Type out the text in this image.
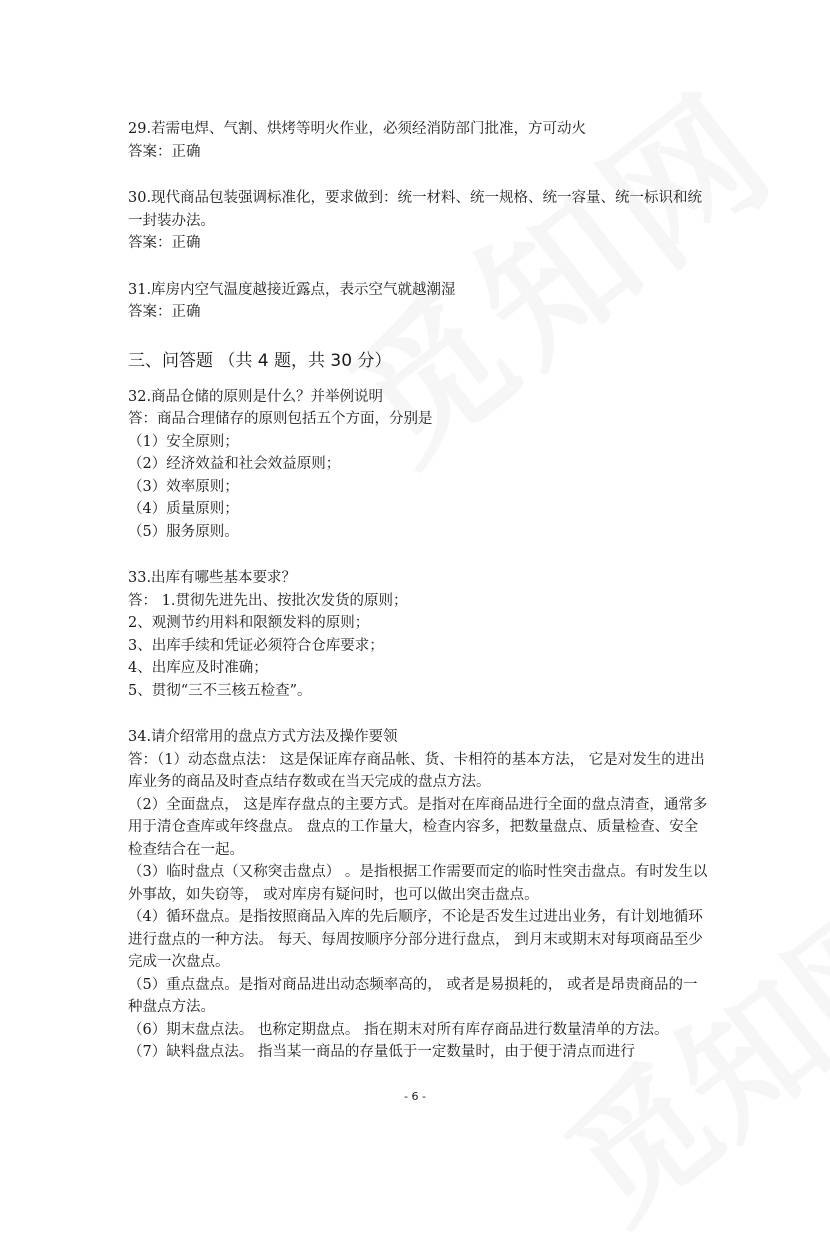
29.若需电焊、气割、烘烤等明火作业，必须经消防部门批准，方可动火

答案：正确

30.现代商品包装强调标准化，要求做到：统一材料、统一规格、统一容量、统一标识和统一封装办法。

答案：正确

31.库房内空气温度越接近露点，表示空气就越潮湿

答案：正确

三、问答题 （共 4 题，共 30 分）

32.商品仓储的原则是什么？并举例说明

答：商品合理储存的原则包括五个方面，分别是

（1）安全原则；

（2）经济效益和社会效益原则；

（3）效率原则；

（4）质量原则；

（5）服务原则。

33.出库有哪些基本要求？

答： 1.贯彻先进先出、按批次发货的原则；

2、观测节约用料和限额发料的原则；

3、出库手续和凭证必须符合仓库要求；

4、出库应及时准确；

5、贯彻“三不三核五检查”。

34.请介绍常用的盘点方式方法及操作要领

答：（1）动态盘点法： 这是保证库存商品帐、货、卡相符的基本方法， 它是对发生的进出库业务的商品及时查点结存数或在当天完成的盘点方法。

（2）全面盘点， 这是库存盘点的主要方式。是指对在库商品进行全面的盘点清查，通常多用于清仓查库或年终盘点。 盘点的工作量大，检查内容多，把数量盘点、质量检查、安全检查结合在一起。

（3）临时盘点（又称突击盘点） 。是指根据工作需要而定的临时性突击盘点。有时发生以外事故，如失窃等， 或对库房有疑问时，也可以做出突击盘点。

（4）循环盘点。是指按照商品入库的先后顺序，不论是否发生过进出业务，有计划地循环进行盘点的一种方法。 每天、每周按顺序分部分进行盘点， 到月末或期末对每项商品至少完成一次盘点。

（5）重点盘点。是指对商品进出动态频率高的， 或者是易损耗的， 或者是昂贵商品的一种盘点方法。

（6）期末盘点法。 也称定期盘点。 指在期末对所有库存商品进行数量清单的方法。

（7）缺料盘点法。 指当某一商品的存量低于一定数量时，由于便于清点而进行

- 6 -
